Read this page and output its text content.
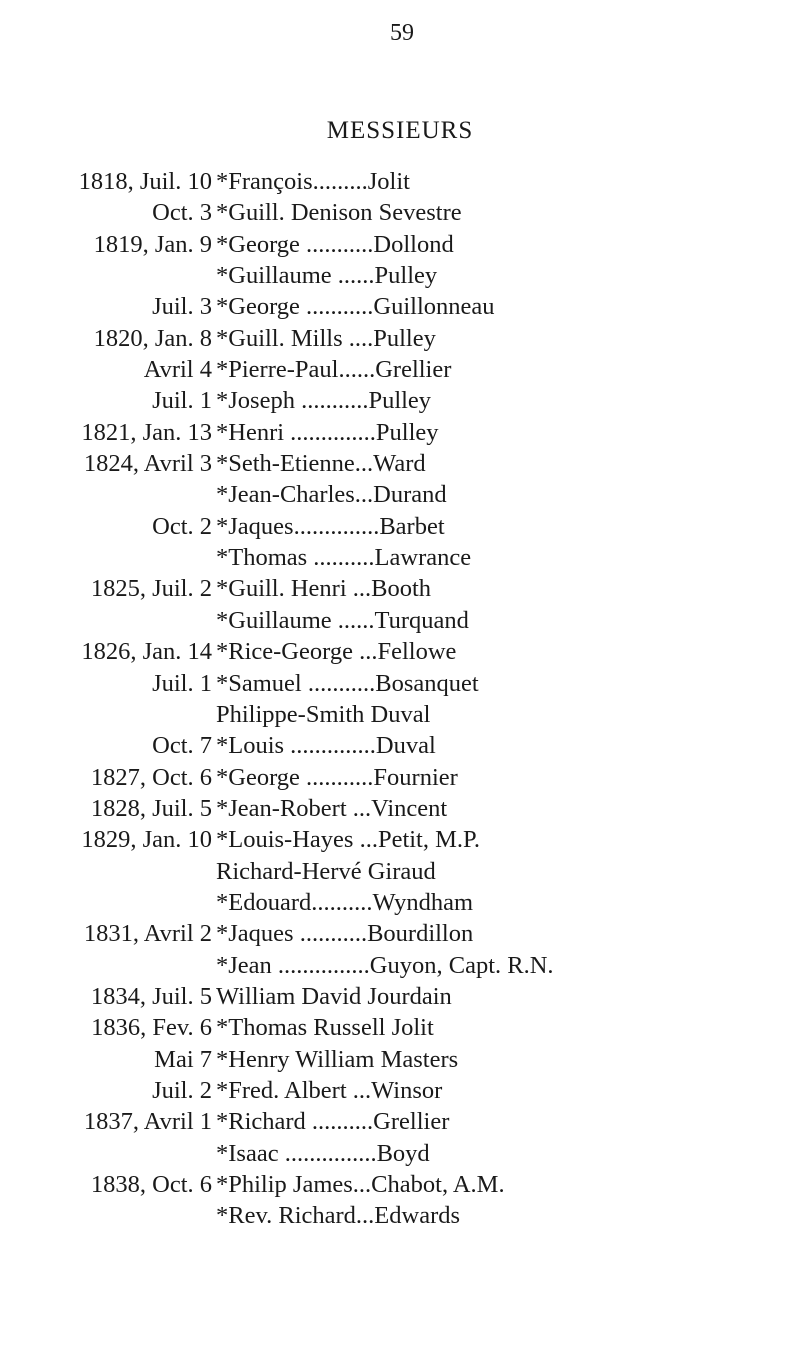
59
MESSIEURS
1818, Juil. 10 *François.........Jolit
Oct. 3 *Guill. Denison Sevestre
1819, Jan. 9 *George ...........Dollond
*Guillaume ......Pulley
Juil. 3 *George ...........Guillonneau
1820, Jan. 8 *Guill. Mills ....Pulley
Avril 4 *Pierre-Paul......Grellier
Juil. 1 *Joseph ...........Pulley
1821, Jan. 13 *Henri ..............Pulley
1824, Avril 3 *Seth-Etienne...Ward
*Jean-Charles...Durand
Oct. 2 *Jaques..............Barbet
*Thomas ..........Lawrance
1825, Juil. 2 *Guill. Henri ...Booth
*Guillaume ......Turquand
1826, Jan. 14 *Rice-George ...Fellowe
Juil. 1 *Samuel ...........Bosanquet
Philippe-Smith Duval
Oct. 7 *Louis ..............Duval
1827, Oct. 6 *George ...........Fournier
1828, Juil. 5 *Jean-Robert ...Vincent
1829, Jan. 10 *Louis-Hayes ...Petit, M.P.
Richard-Hervé Giraud
*Edouard..........Wyndham
1831, Avril 2 *Jaques ...........Bourdillon
*Jean ...............Guyon, Capt. R.N.
1834, Juil. 5 William David Jourdain
1836, Fev. 6 *Thomas Russell Jolit
Mai 7 *Henry William Masters
Juil. 2 *Fred. Albert ...Winsor
1837, Avril 1 *Richard ..........Grellier
*Isaac ...............Boyd
1838, Oct. 6 *Philip James...Chabot, A.M.
*Rev. Richard...Edwards
